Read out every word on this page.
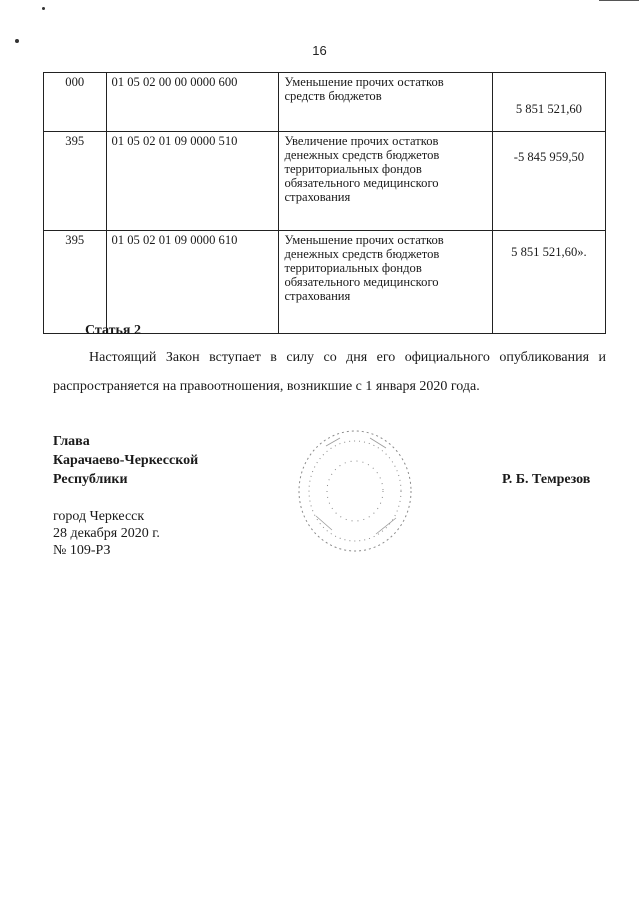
16
000	01 05 02 00 00 0000 600	Уменьшение прочих остатков средств бюджетов	5 851 521,60
395	01 05 02 01 09 0000 510	Увеличение прочих остатков денежных средств бюджетов территориальных фондов обязательного медицинского страхования	-5 845 959,50
395	01 05 02 01 09 0000 610	Уменьшение прочих остатков денежных средств бюджетов территориальных фондов обязательного медицинского страхования	5 851 521,60».
Статья 2
Настоящий Закон вступает в силу со дня его официального опубликования и
распространяется на правоотношения, возникшие с 1 января 2020 года.
Глава
Карачаево-Черкесской
Республики	Р. Б. Темрезов
город Черкесск
28 декабря 2020 г.
№ 109-РЗ
